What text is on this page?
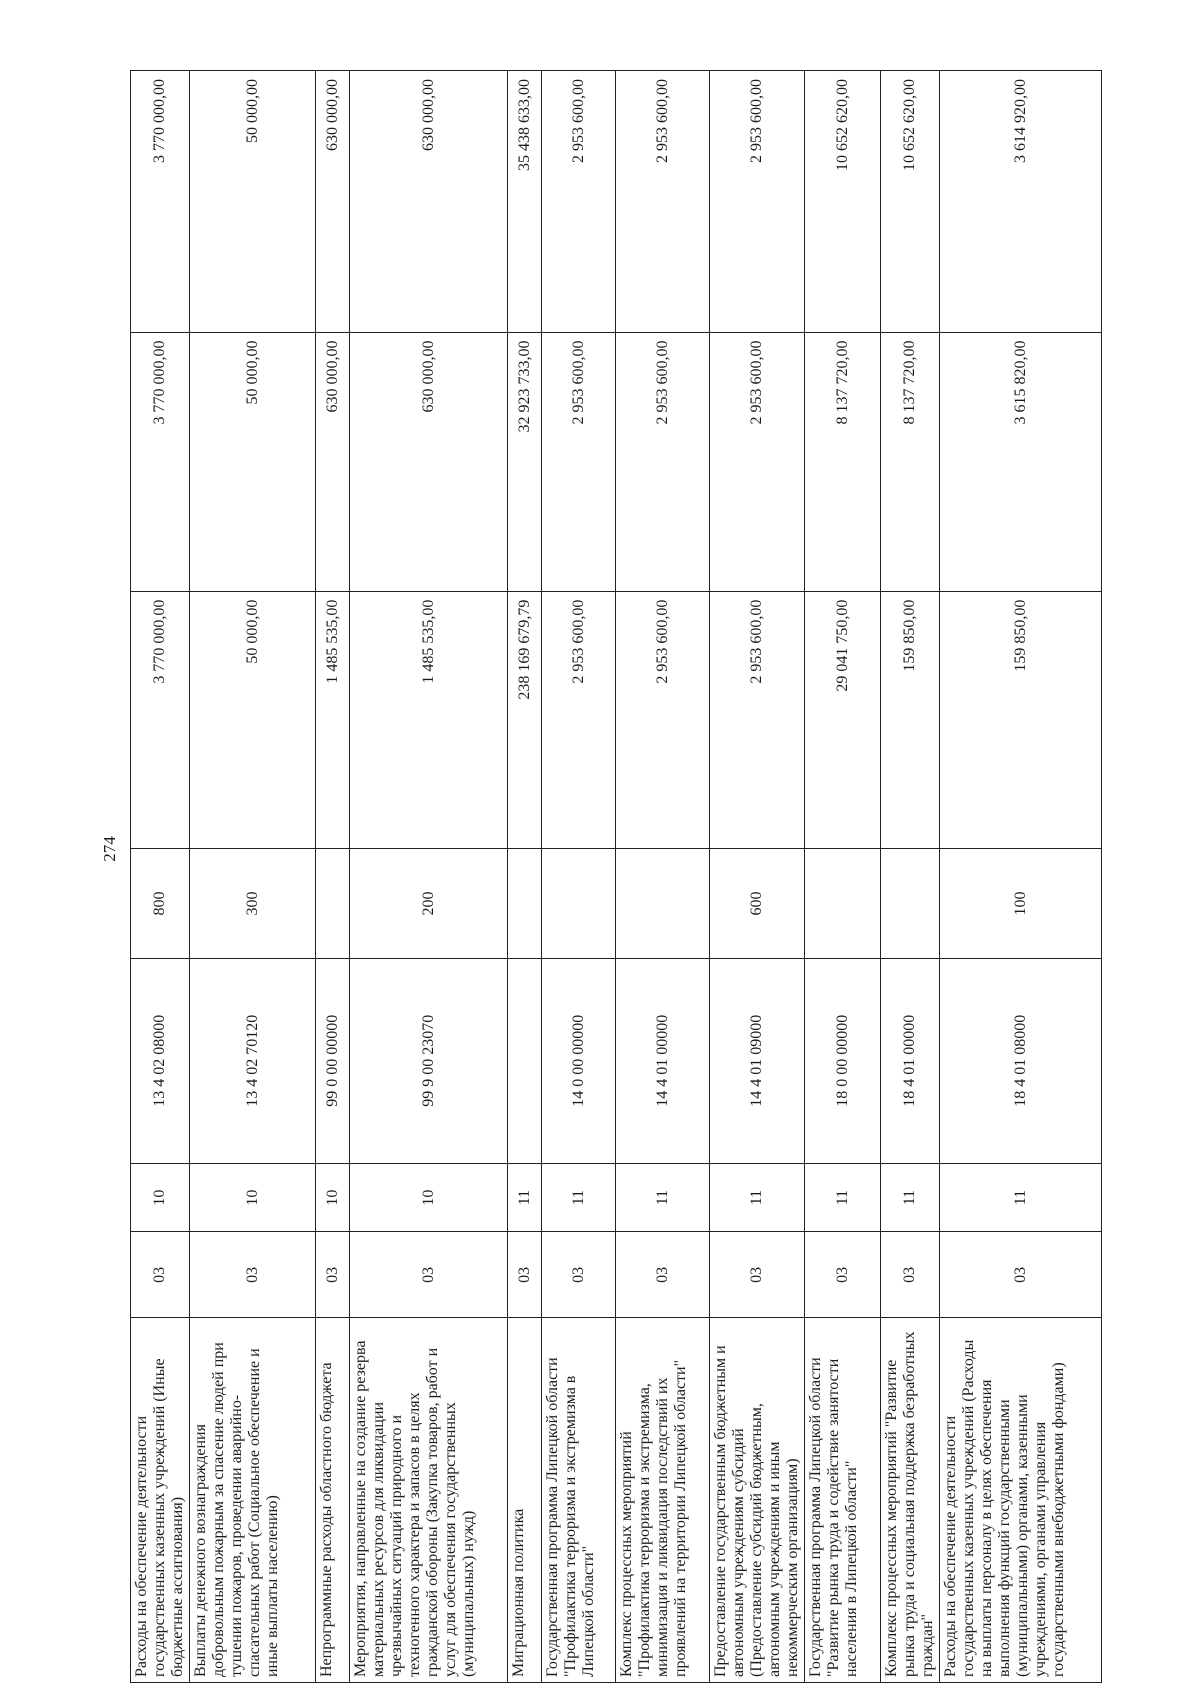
274
Расходы на обеспечение деятельности государственных казенных учреждений (Иные бюджетные ассигнования)	03	10	13 4 02 08000	800	3 770 000,00	3 770 000,00	3 770 000,00
Выплаты денежного вознаграждения добровольным пожарным за спасение людей при тушении пожаров, проведении аварийно-спасательных работ (Социальное обеспечение и иные выплаты населению)	03	10	13 4 02 70120	300	50 000,00	50 000,00	50 000,00
Непрограммные расходы областного бюджета	03	10	99 0 00 00000		1 485 535,00	630 000,00	630 000,00
Мероприятия, направленные на создание резерва материальных ресурсов для ликвидации чрезвычайных ситуаций природного и техногенного характера и запасов в целях гражданской обороны (Закупка товаров, работ и услуг для обеспечения государственных (муниципальных) нужд)	03	10	99 9 00 23070	200	1 485 535,00	630 000,00	630 000,00
Миграционная политика	03	11			238 169 679,79	32 923 733,00	35 438 633,00
Государственная программа Липецкой области "Профилактика терроризма и экстремизма в Липецкой области"	03	11	14 0 00 00000		2 953 600,00	2 953 600,00	2 953 600,00
Комплекс процессных мероприятий "Профилактика терроризма и экстремизма, минимизация и ликвидация последствий их проявлений на территории Липецкой области"	03	11	14 4 01 00000		2 953 600,00	2 953 600,00	2 953 600,00
Предоставление государственным бюджетным и автономным учреждениям субсидий (Предоставление субсидий бюджетным, автономным учреждениям и иным некоммерческим организациям)	03	11	14 4 01 09000	600	2 953 600,00	2 953 600,00	2 953 600,00
Государственная программа Липецкой области "Развитие рынка труда и содействие занятости населения в Липецкой области"	03	11	18 0 00 00000		29 041 750,00	8 137 720,00	10 652 620,00
Комплекс процессных мероприятий "Развитие рынка труда и социальная поддержка безработных граждан"	03	11	18 4 01 00000		159 850,00	8 137 720,00	10 652 620,00
Расходы на обеспечение деятельности государственных казенных учреждений (Расходы на выплаты персоналу в целях обеспечения выполнения функций государственными (муниципальными) органами, казенными учреждениями, органами управления государственными внебюджетными фондами)	03	11	18 4 01 08000	100	159 850,00	3 615 820,00	3 614 920,00
